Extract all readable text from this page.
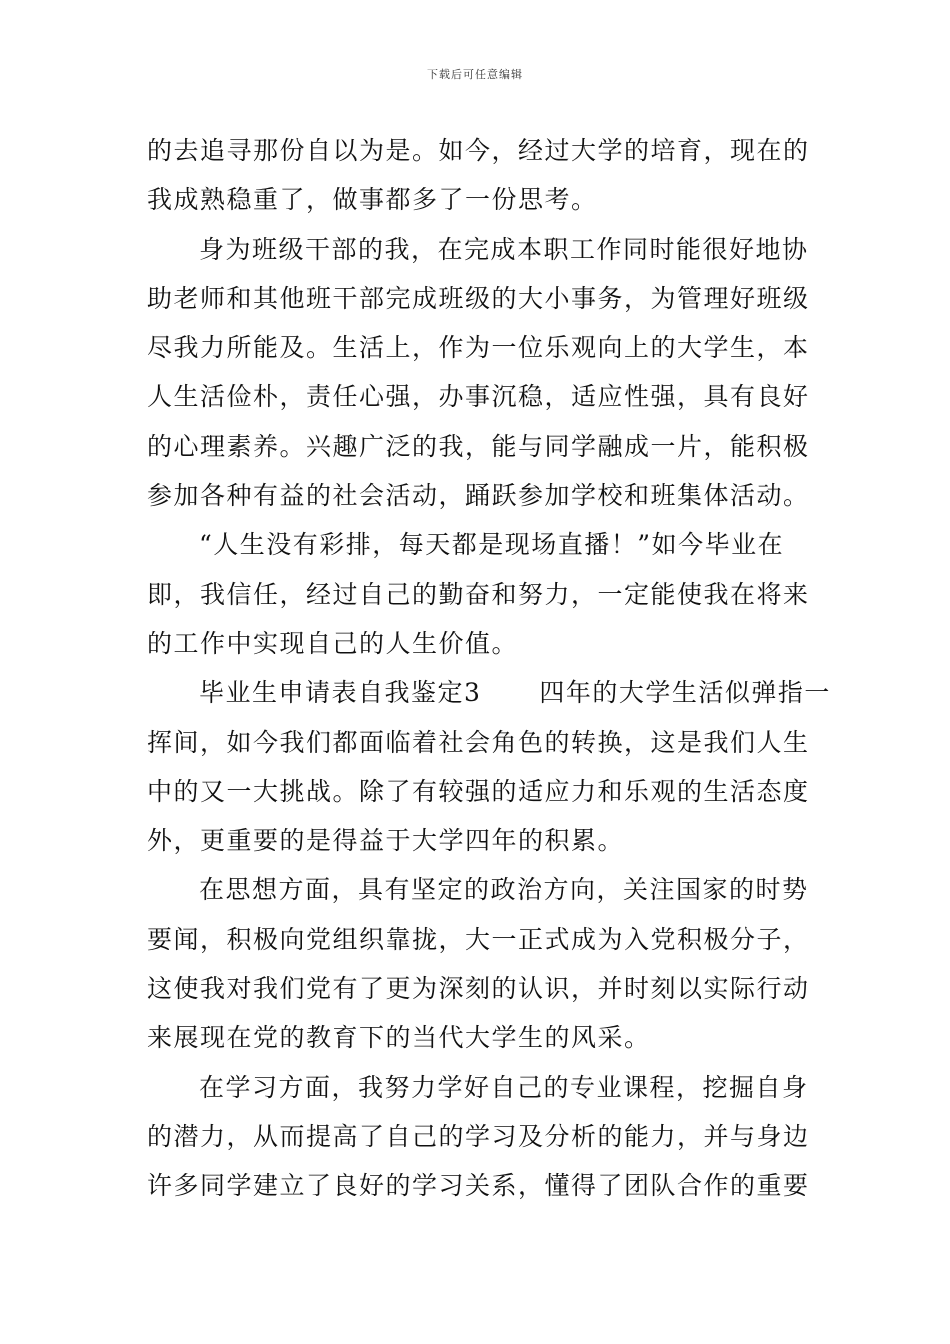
下载后可任意编辑
的去追寻那份自以为是。如今，经过大学的培育，现在的
我成熟稳重了，做事都多了一份思考。
身为班级干部的我，在完成本职工作同时能很好地协
助老师和其他班干部完成班级的大小事务，为管理好班级
尽我力所能及。生活上，作为一位乐观向上的大学生，本
人生活俭朴，责任心强，办事沉稳，适应性强，具有良好
的心理素养。兴趣广泛的我，能与同学融成一片，能积极
参加各种有益的社会活动，踊跃参加学校和班集体活动。
“人生没有彩排，每天都是现场直播！”如今毕业在
即，我信任，经过自己的勤奋和努力，一定能使我在将来
的工作中实现自己的人生价值。
毕业生申请表自我鉴定3 四年的大学生活似弹指一
挥间，如今我们都面临着社会角色的转换，这是我们人生
中的又一大挑战。除了有较强的适应力和乐观的生活态度
外，更重要的是得益于大学四年的积累。
在思想方面，具有坚定的政治方向，关注国家的时势
要闻，积极向党组织靠拢，大一正式成为入党积极分子，
这使我对我们党有了更为深刻的认识，并时刻以实际行动
来展现在党的教育下的当代大学生的风采。
在学习方面，我努力学好自己的专业课程，挖掘自身
的潜力，从而提高了自己的学习及分析的能力，并与身边
许多同学建立了良好的学习关系，懂得了团队合作的重要
